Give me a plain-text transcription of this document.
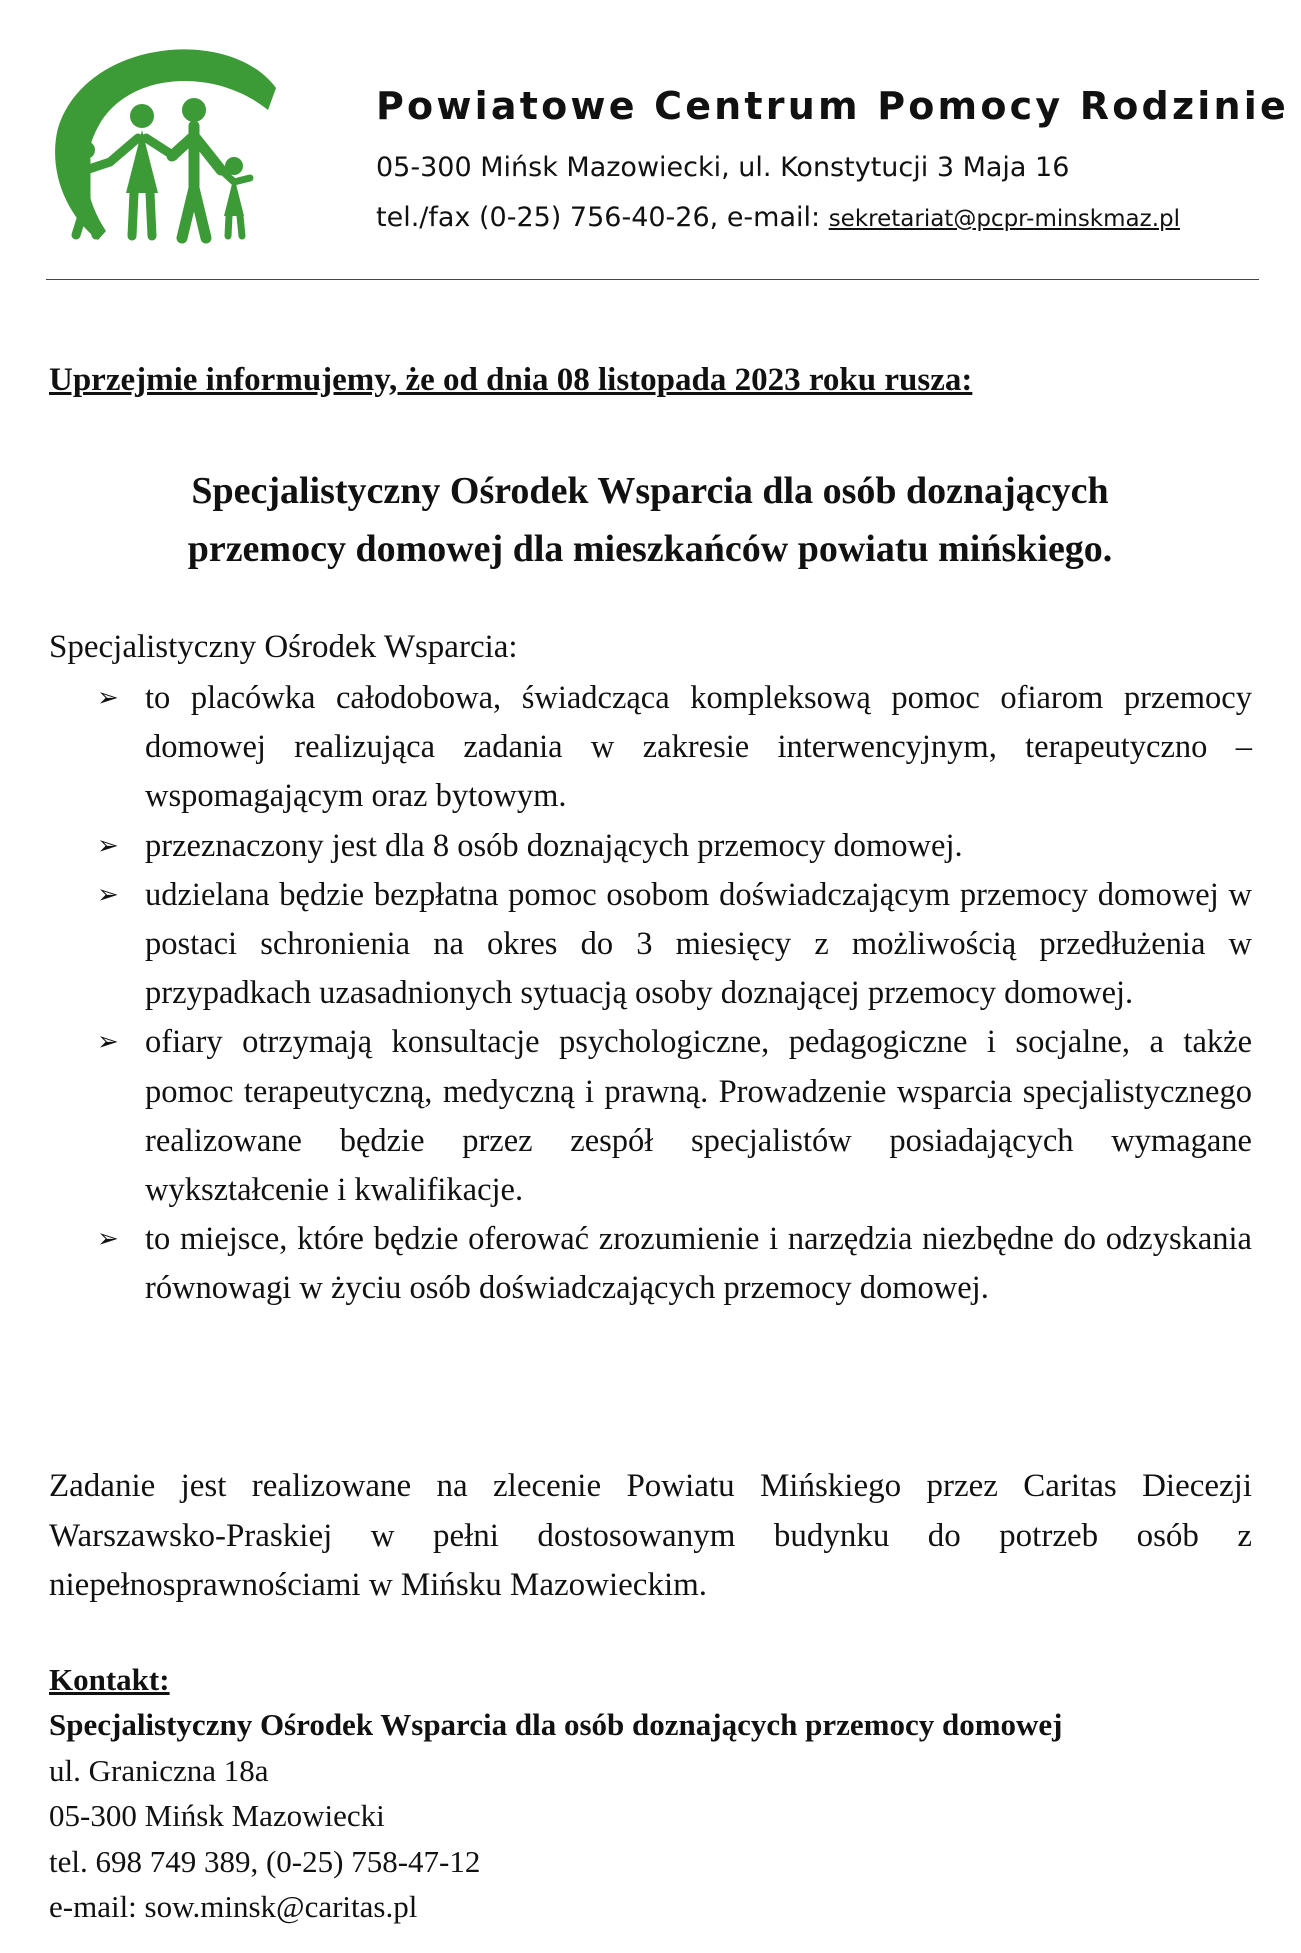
Powiatowe Centrum Pomocy Rodzinie

05-300 Mińsk Mazowiecki, ul. Konstytucji 3 Maja 16

tel./fax (0-25) 756-40-26, e-mail: sekretariat@pcpr-minskmaz.pl

Uprzejmie informujemy, że od dnia 08 listopada 2023 roku rusza:

Specjalistyczny Ośrodek Wsparcia dla osób doznających
przemocy domowej dla mieszkańców powiatu mińskiego.

Specjalistyczny Ośrodek Wsparcia:

➢ to placówka całodobowa, świadcząca kompleksową pomoc ofiarom przemocy domowej realizująca zadania w zakresie interwencyjnym, terapeutyczno – wspomagającym oraz bytowym.
➢ przeznaczony jest dla 8 osób doznających przemocy domowej.
➢ udzielana będzie bezpłatna pomoc osobom doświadczającym przemocy domowej w postaci schronienia na okres do 3 miesięcy z możliwością przedłużenia w przypadkach uzasadnionych sytuacją osoby doznającej przemocy domowej.
➢ ofiary otrzymają konsultacje psychologiczne, pedagogiczne i socjalne, a także pomoc terapeutyczną, medyczną i prawną. Prowadzenie wsparcia specjalistycznego realizowane będzie przez zespół specjalistów posiadających wymagane wykształcenie i kwalifikacje.
➢ to miejsce, które będzie oferować zrozumienie i narzędzia niezbędne do odzyskania równowagi w życiu osób doświadczających przemocy domowej.

Zadanie jest realizowane na zlecenie Powiatu Mińskiego przez Caritas Diecezji Warszawsko-Praskiej w pełni dostosowanym budynku do potrzeb osób z niepełnosprawnościami w Mińsku Mazowieckim.

Kontakt:
Specjalistyczny Ośrodek Wsparcia dla osób doznających przemocy domowej
ul. Graniczna 18a
05-300 Mińsk Mazowiecki
tel. 698 749 389, (0-25) 758-47-12
e-mail: sow.minsk@caritas.pl
